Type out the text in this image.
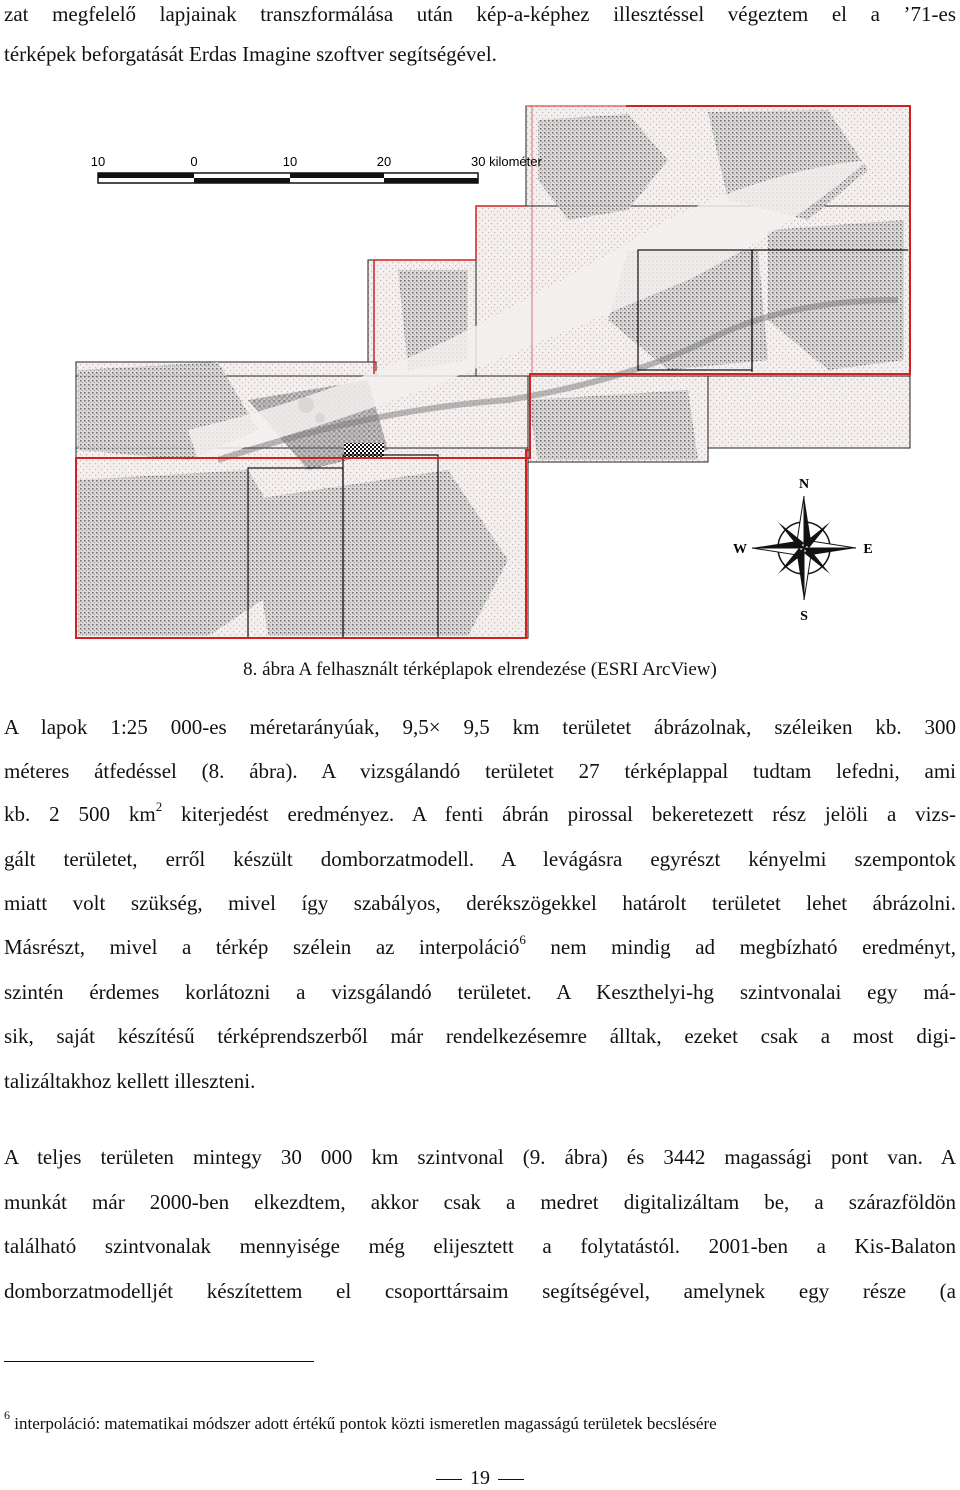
zat megfelelő lapjainak transzformálása után kép-a-képhez illesztéssel végeztem el a ’71-es
térképek beforgatását Erdas Imagine szoftver segítségével.
10	0	10	20	30 kilométer
N
S
E
W
8. ábra A felhasznált térképlapok elrendezése (ESRI ArcView)
A lapok 1:25 000-es méretarányúak, 9,5× 9,5 km területet ábrázolnak, széleiken kb. 300
méteres átfedéssel (8. ábra). A vizsgálandó területet 27 térképlappal tudtam lefedni, ami
kb. 2 500 $km^2$ kiterjedést eredményez. A fenti ábrán pirossal bekeretezett rész jelöli a vizs-
gált területet, erről készült domborzatmodell. A levágásra egyrészt kényelmi szempontok
miatt volt szükség, mivel így szabályos, derékszögekkel határolt területet lehet ábrázolni.
Másrészt, mivel a térkép szélein az interpoláció$^6$ nem mindig ad megbízható eredményt,
szintén érdemes korlátozni a vizsgálandó területet. A Keszthelyi-hg szintvonalai egy má-
sik, saját készítésű térképrendszerből már rendelkezésemre álltak, ezeket csak a most digi-
talizáltakhoz kellett illeszteni.
A teljes területen mintegy 30 000 km szintvonal (9. ábra) és 3442 magassági pont van. A
munkát már 2000-ben elkezdtem, akkor csak a medret digitalizáltam be, a szárazföldön
található szintvonalak mennyisége még elijesztett a folytatástól. 2001-ben a Kis-Balaton
domborzatmodelljét készítettem el csoporttársaim segítségével, amelynek egy része (a
$^6$ interpoláció: matematikai módszer adott értékű pontok közti ismeretlen magasságú területek becslésére
19
